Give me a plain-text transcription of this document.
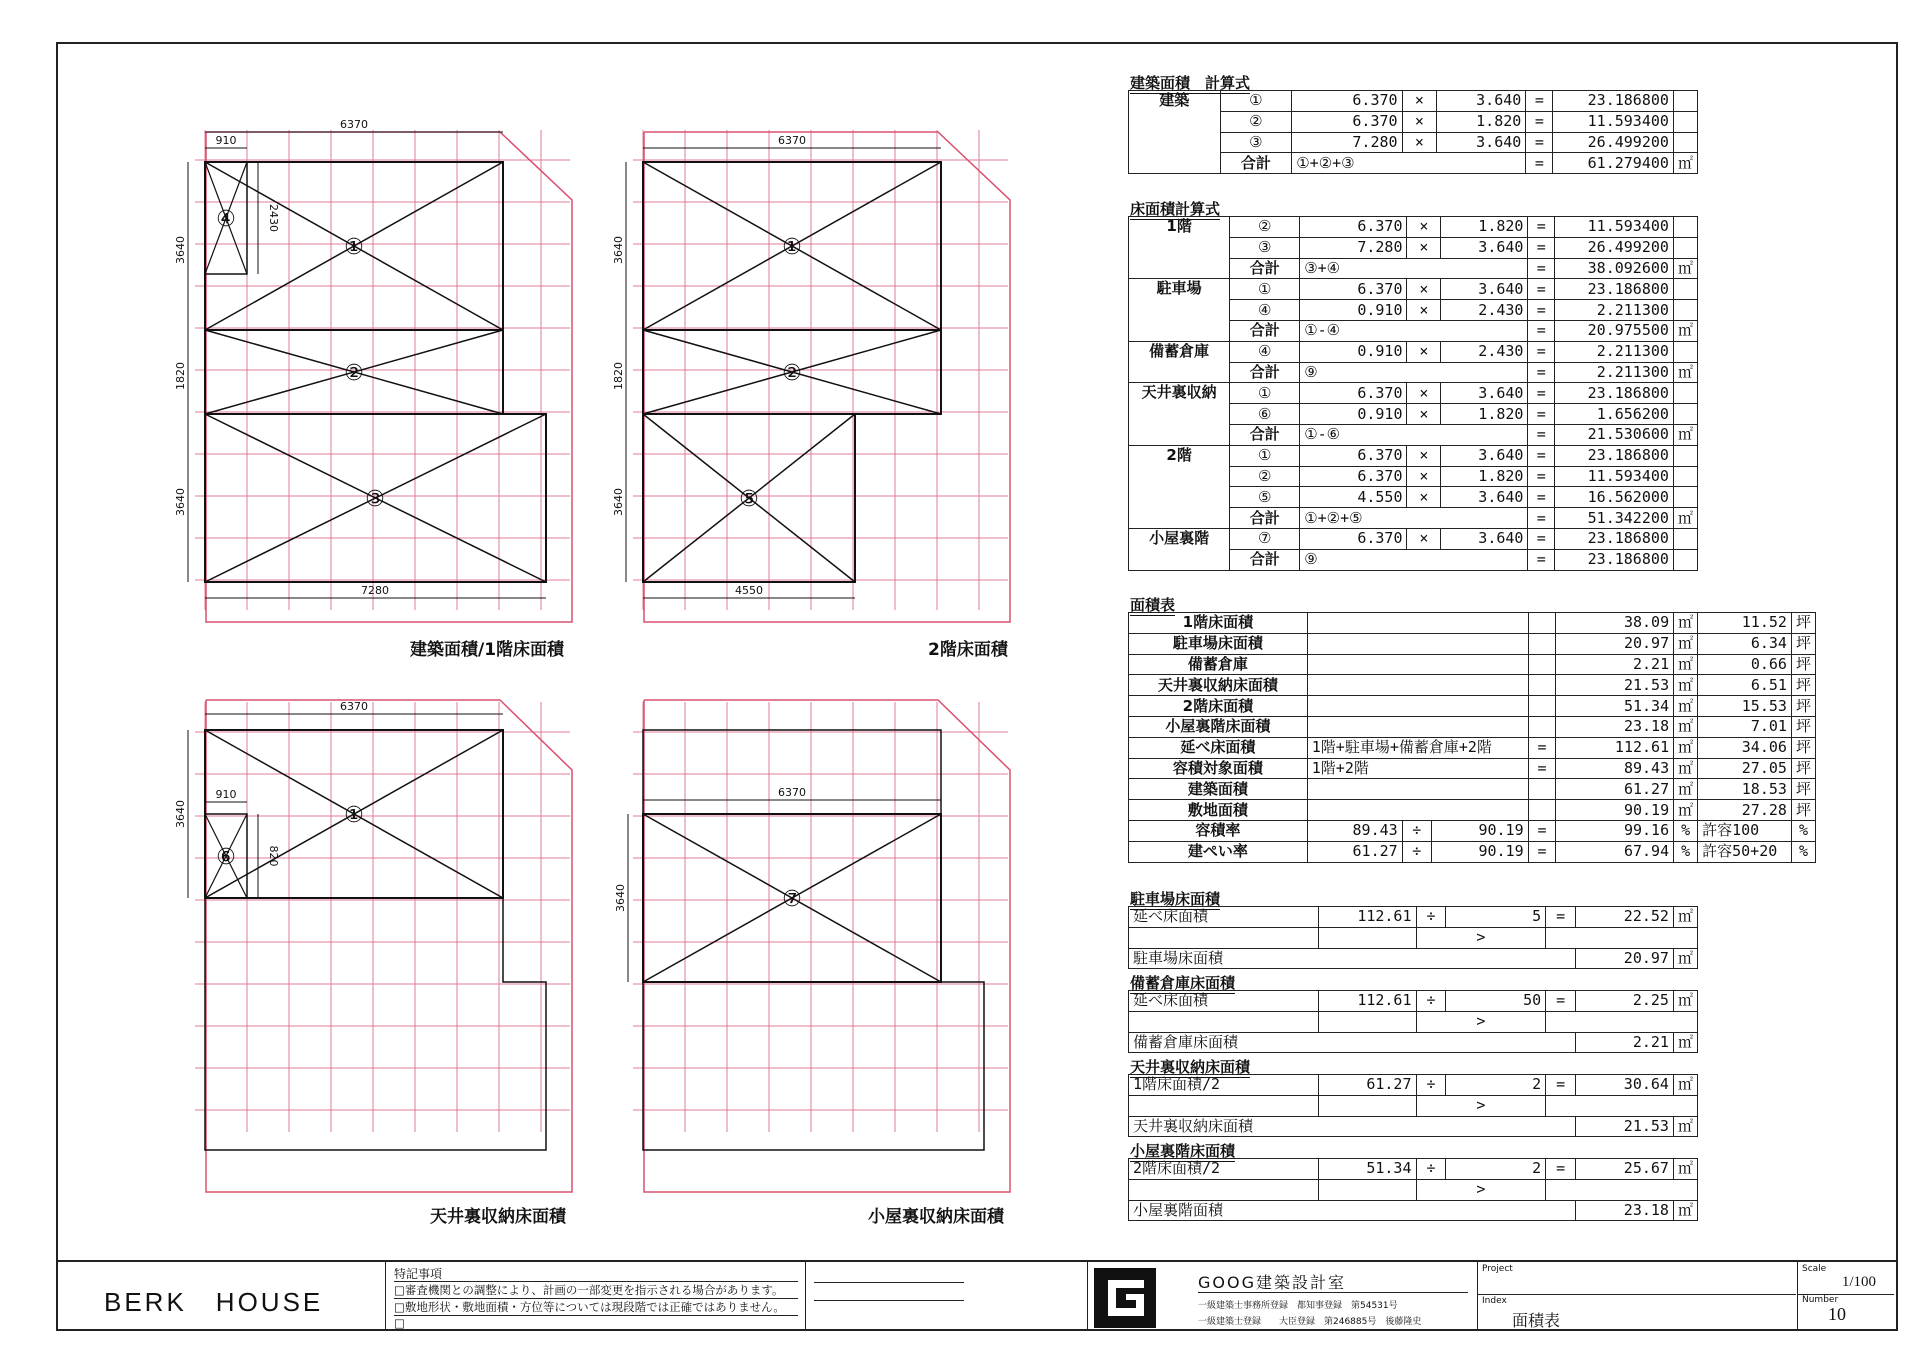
6370
910
3640
1820
3640
2430
7280
④
①
②
③
建築面積/1階床面積
6370
3640
1820
3640
4550
①
②
⑤
2階床面積
6370
910
3640
820
⑥
①
天井裏収納床面積
6370
3640	⑦
小屋裏収納床面積
建築面積　計算式
建築	①	6.370	×	3.640	=	23.186800	
	②	6.370	×	1.820	=	11.593400	
	③	7.280	×	3.640	=	26.499200	
	合計	①+②+③			=	61.279400	㎡
床面積計算式
1階	②	6.370	×	1.820	=	11.593400	
	③	7.280	×	3.640	=	26.499200	
	合計	③+④			=	38.092600	㎡
駐車場	①	6.370	×	3.640	=	23.186800	
	④	0.910	×	2.430	=	2.211300	
	合計	①-④			=	20.975500	㎡
備蓄倉庫	④	0.910	×	2.430	=	2.211300	
	合計	⑨			=	2.211300	㎡
天井裏収納	①	6.370	×	3.640	=	23.186800	
	⑥	0.910	×	1.820	=	1.656200	
	合計	①-⑥			=	21.530600	㎡
2階	①	6.370	×	3.640	=	23.186800	
	②	6.370	×	1.820	=	11.593400	
	⑤	4.550	×	3.640	=	16.562000	
	合計	①+②+⑤			=	51.342200	㎡
小屋裏階	⑦	6.370	×	3.640	=	23.186800	
	合計	⑨			=	23.186800	
面積表
1階床面積					38.09	㎡	11.52	坪
駐車場床面積					20.97	㎡	6.34	坪
備蓄倉庫					2.21	㎡	0.66	坪
天井裏収納床面積					21.53	㎡	6.51	坪
2階床面積					51.34	㎡	15.53	坪
小屋裏階床面積					23.18	㎡	7.01	坪
延べ床面積	1階+駐車場+備蓄倉庫+2階			=	112.61	㎡	34.06	坪
容積対象面積	1階+2階			=	89.43	㎡	27.05	坪
建築面積					61.27	㎡	18.53	坪
敷地面積					90.19	㎡	27.28	坪
容積率	89.43	÷	90.19	=	99.16	%	許容100	%
建ぺい率	61.27	÷	90.19	=	67.94	%	許容50+20	%
駐車場床面積
延べ床面積	112.61	÷	5	=	22.52	㎡
		>				
駐車場床面積					20.97	㎡
備蓄倉庫床面積
延べ床面積	112.61	÷	50	=	2.25	㎡
		>				
備蓄倉庫床面積					2.21	㎡
天井裏収納床面積
1階床面積/2	61.27	÷	2	=	30.64	㎡
		>				
天井裏収納床面積					21.53	㎡
小屋裏階床面積
2階床面積/2	51.34	÷	2	=	25.67	㎡
		>				
小屋裏階面積					23.18	㎡
BERK　HOUSE
特記事項
□審査機関との調整により、計画の一部変更を指示される場合があります。
□敷地形状・敷地面積・方位等については現段階では正確ではありません。
□
GOOG建築設計室
一級建築士事務所登録　都知事登録　第54531号
一級建築士登録　　大臣登録　第246885号　後藤隆史
Project
Index
面積表
Scale
1/100
Number
10
